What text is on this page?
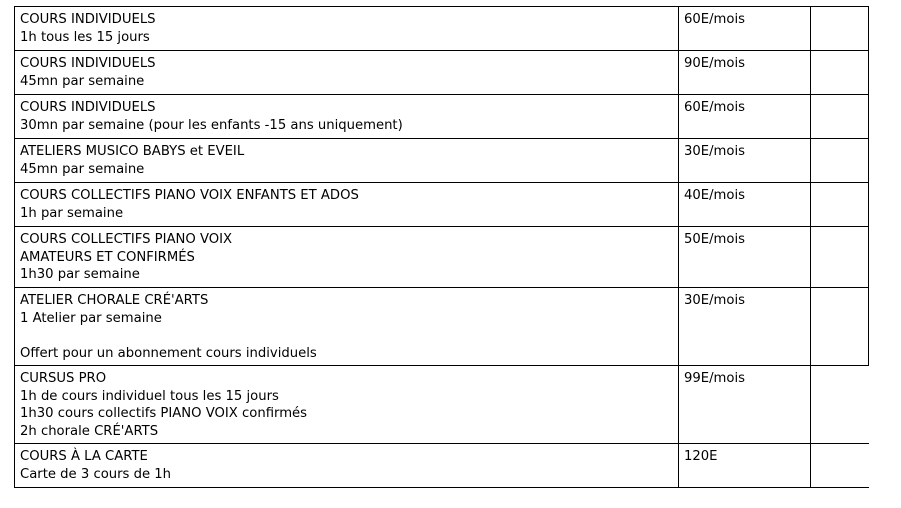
COURS INDIVIDUELS
1h tous les 15 jours	60E/mois	

COURS INDIVIDUELS
45mn par semaine	90E/mois	

COURS INDIVIDUELS
30mn par semaine (pour les enfants -15 ans uniquement)	60E/mois	

ATELIERS MUSICO BABYS et EVEIL
45mn par semaine	30E/mois	

COURS COLLECTIFS PIANO VOIX ENFANTS ET ADOS
1h par semaine	40E/mois	

COURS COLLECTIFS PIANO VOIX
AMATEURS ET CONFIRMÉS
1h30 par semaine	50E/mois	

ATELIER CHORALE CRÉ'ARTS
1 Atelier par semaine
Offert pour un abonnement cours individuels	30E/mois	

CURSUS PRO
1h de cours individuel tous les 15 jours
1h30 cours collectifs PIANO VOIX confirmés
2h chorale CRÉ'ARTS	99E/mois	

COURS À LA CARTE
Carte de 3 cours de 1h	120E	
